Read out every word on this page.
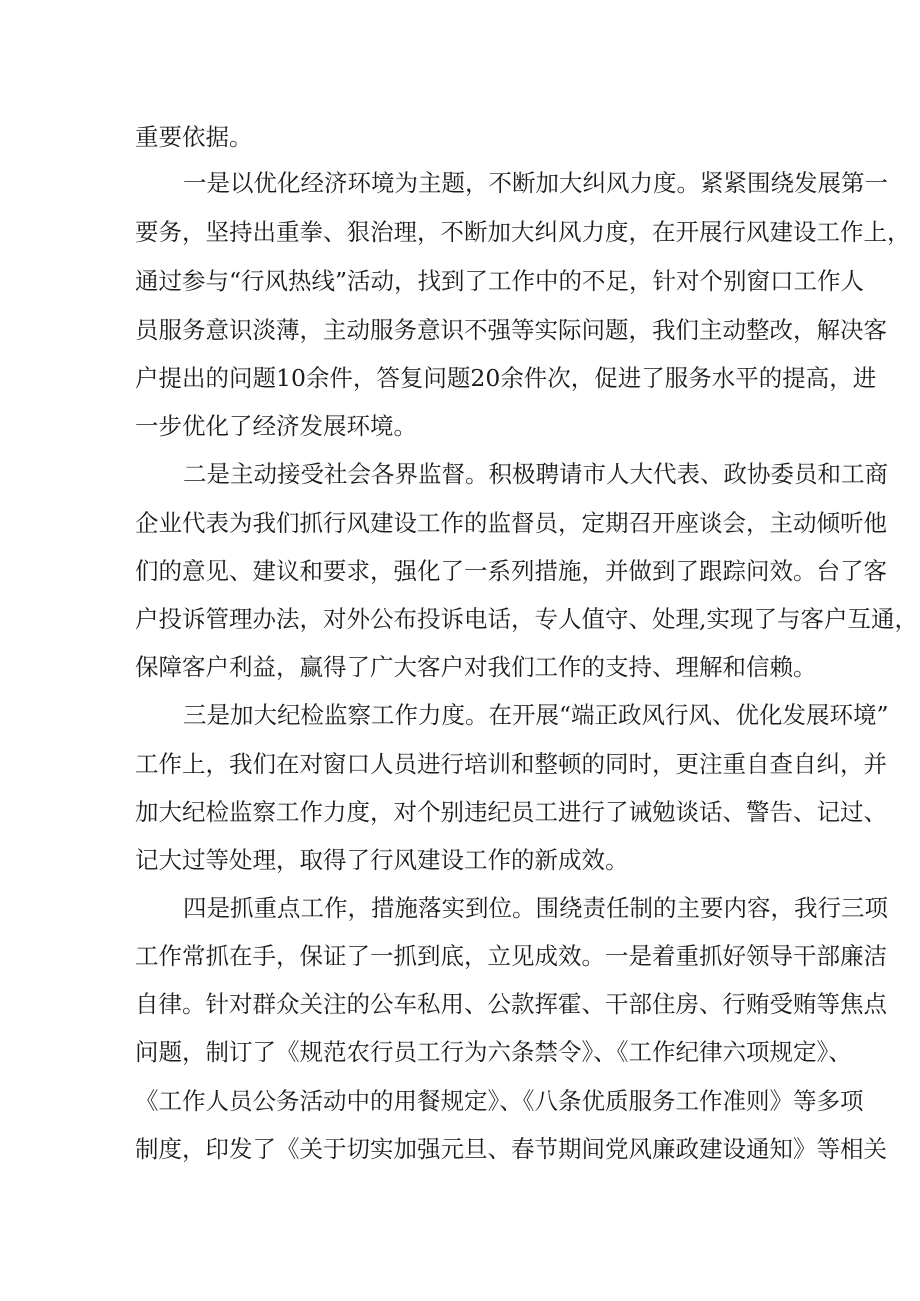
重要依据。
一是以优化经济环境为主题，不断加大纠风力度。紧紧围绕发展第一
要务，坚持出重拳、狠治理，不断加大纠风力度，在开展行风建设工作上，
通过参与“行风热线”活动，找到了工作中的不足，针对个别窗口工作人
员服务意识淡薄，主动服务意识不强等实际问题，我们主动整改，解决客
户提出的问题10余件，答复问题20余件次，促进了服务水平的提高，进
一步优化了经济发展环境。
二是主动接受社会各界监督。积极聘请市人大代表、政协委员和工商
企业代表为我们抓行风建设工作的监督员，定期召开座谈会，主动倾听他
们的意见、建议和要求，强化了一系列措施，并做到了跟踪问效。台了客
户投诉管理办法，对外公布投诉电话，专人值守、处理,实现了与客户互通，
保障客户利益，赢得了广大客户对我们工作的支持、理解和信赖。
三是加大纪检监察工作力度。在开展“端正政风行风、优化发展环境”
工作上，我们在对窗口人员进行培训和整顿的同时，更注重自查自纠，并
加大纪检监察工作力度，对个别违纪员工进行了诫勉谈话、警告、记过、
记大过等处理，取得了行风建设工作的新成效。
四是抓重点工作，措施落实到位。围绕责任制的主要内容，我行三项
工作常抓在手，保证了一抓到底，立见成效。一是着重抓好领导干部廉洁
自律。针对群众关注的公车私用、公款挥霍、干部住房、行贿受贿等焦点
问题，制订了《规范农行员工行为六条禁令》、《工作纪律六项规定》、
《工作人员公务活动中的用餐规定》、《八条优质服务工作准则》等多项
制度，印发了《关于切实加强元旦、春节期间党风廉政建设通知》等相关
